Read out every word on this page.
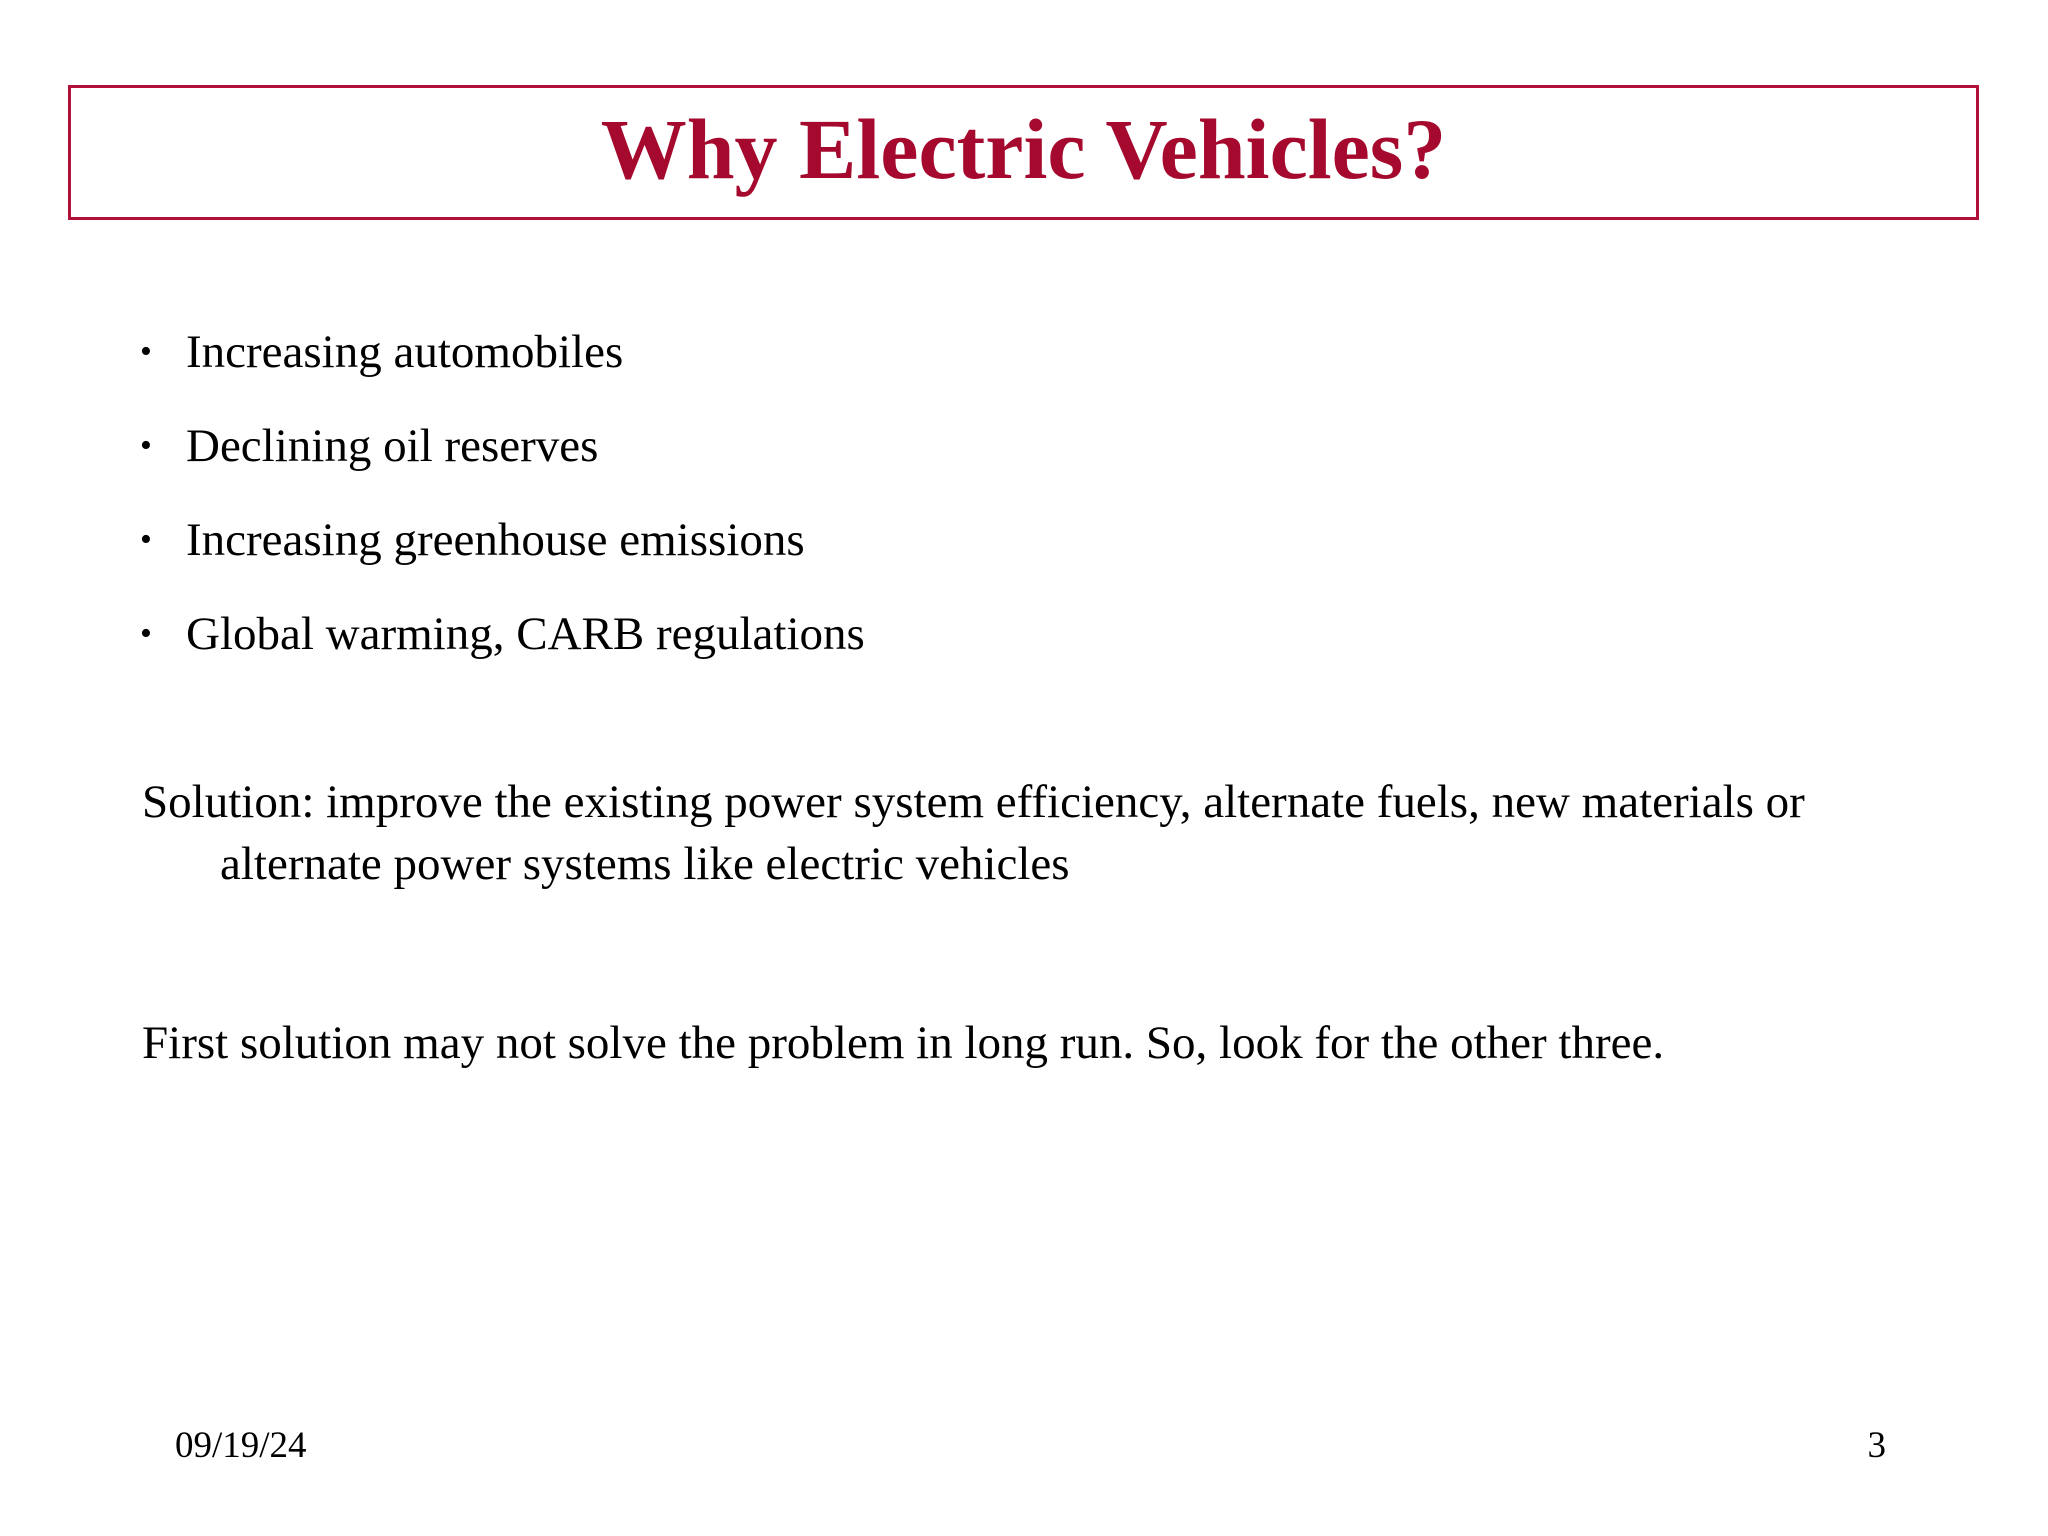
Why Electric Vehicles?
• Increasing automobiles
• Declining oil reserves
• Increasing greenhouse emissions
• Global warming, CARB regulations

Solution: improve the existing power system efficiency, alternate fuels, new materials or alternate power systems like electric vehicles

First solution may not solve the problem in long run. So, look for the other three.

09/19/24	3
